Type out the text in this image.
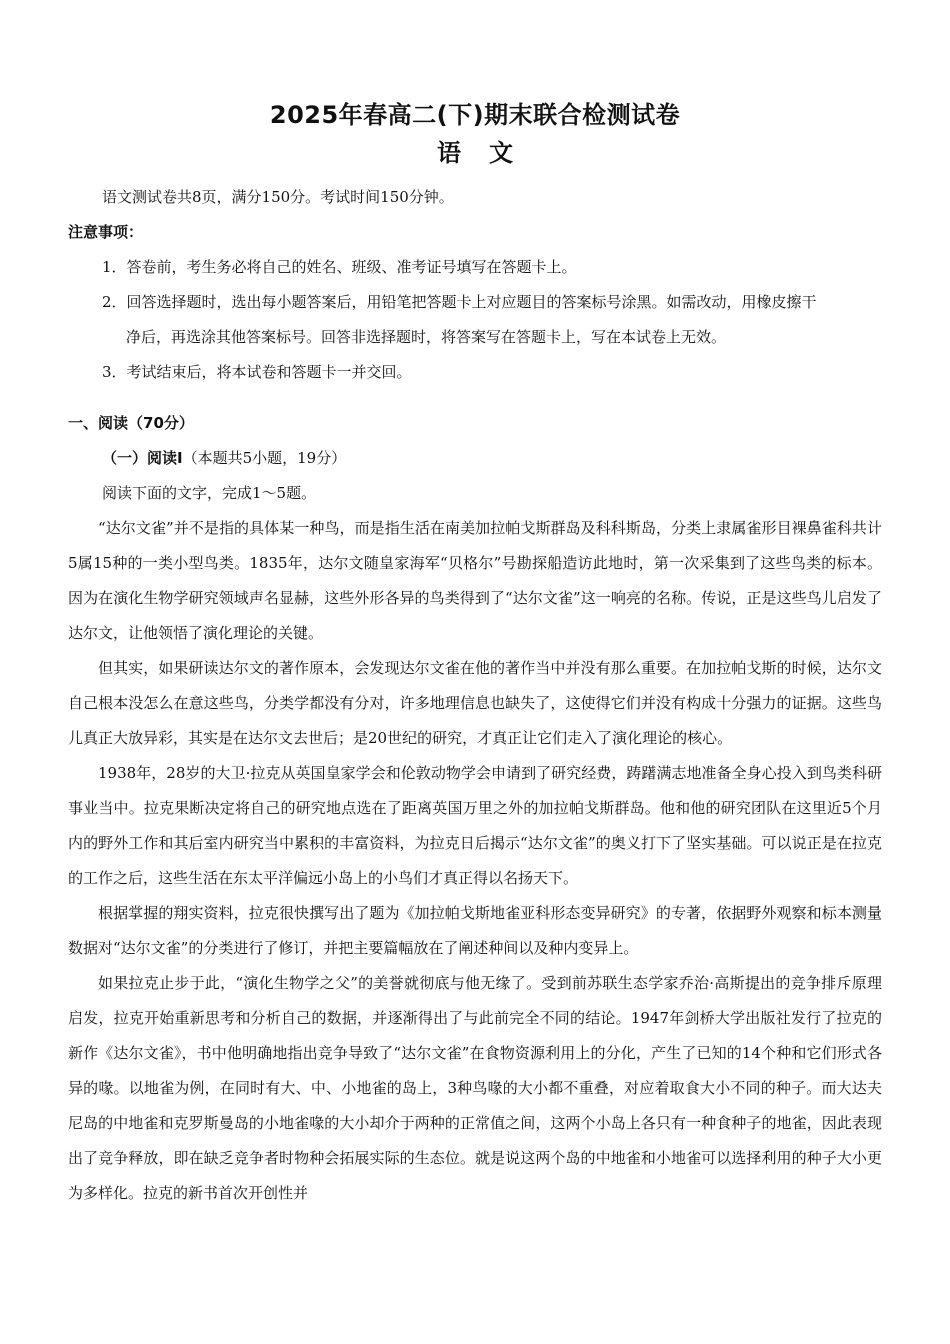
2025年春高二(下)期末联合检测试卷
语文

语文测试卷共8页，满分150分。考试时间150分钟。

注意事项：

1．答卷前，考生务必将自己的姓名、班级、准考证号填写在答题卡上。

2．回答选择题时，选出每小题答案后，用铅笔把答题卡上对应题目的答案标号涂黑。如需改动，用橡皮擦干

净后，再选涂其他答案标号。回答非选择题时，将答案写在答题卡上，写在本试卷上无效。

3．考试结束后，将本试卷和答题卡一并交回。

一、阅读（70分）

（一）阅读Ⅰ（本题共5小题，19分）

阅读下面的文字，完成1～5题。

“达尔文雀”并不是指的具体某一种鸟，而是指生活在南美加拉帕戈斯群岛及科科斯岛，分类上隶属雀形目裸鼻雀科共计5属15种的一类小型鸟类。1835年，达尔文随皇家海军“贝格尔”号勘探船造访此地时，第一次采集到了这些鸟类的标本。因为在演化生物学研究领域声名显赫，这些外形各异的鸟类得到了“达尔文雀”这一响亮的名称。传说，正是这些鸟儿启发了达尔文，让他领悟了演化理论的关键。

但其实，如果研读达尔文的著作原本，会发现达尔文雀在他的著作当中并没有那么重要。在加拉帕戈斯的时候，达尔文自己根本没怎么在意这些鸟，分类学都没有分对，许多地理信息也缺失了，这使得它们并没有构成十分强力的证据。这些鸟儿真正大放异彩，其实是在达尔文去世后；是20世纪的研究，才真正让它们走入了演化理论的核心。

1938年，28岁的大卫·拉克从英国皇家学会和伦敦动物学会申请到了研究经费，踌躇满志地准备全身心投入到鸟类科研事业当中。拉克果断决定将自己的研究地点选在了距离英国万里之外的加拉帕戈斯群岛。他和他的研究团队在这里近5个月内的野外工作和其后室内研究当中累积的丰富资料，为拉克日后揭示“达尔文雀”的奥义打下了坚实基础。可以说正是在拉克的工作之后，这些生活在东太平洋偏远小岛上的小鸟们才真正得以名扬天下。

根据掌握的翔实资料，拉克很快撰写出了题为《加拉帕戈斯地雀亚科形态变异研究》的专著，依据野外观察和标本测量数据对“达尔文雀”的分类进行了修订，并把主要篇幅放在了阐述种间以及种内变异上。

如果拉克止步于此，“演化生物学之父”的美誉就彻底与他无缘了。受到前苏联生态学家乔治·高斯提出的竞争排斥原理启发，拉克开始重新思考和分析自己的数据，并逐渐得出了与此前完全不同的结论。1947年剑桥大学出版社发行了拉克的新作《达尔文雀》，书中他明确地指出竞争导致了“达尔文雀”在食物资源利用上的分化，产生了已知的14个种和它们形式各异的喙。以地雀为例，在同时有大、中、小地雀的岛上，3种鸟喙的大小都不重叠，对应着取食大小不同的种子。而大达夫尼岛的中地雀和克罗斯曼岛的小地雀喙的大小却介于两种的正常值之间，这两个小岛上各只有一种食种子的地雀，因此表现出了竞争释放，即在缺乏竞争者时物种会拓展实际的生态位。就是说这两个岛的中地雀和小地雀可以选择利用的种子大小更为多样化。拉克的新书首次开创性并
